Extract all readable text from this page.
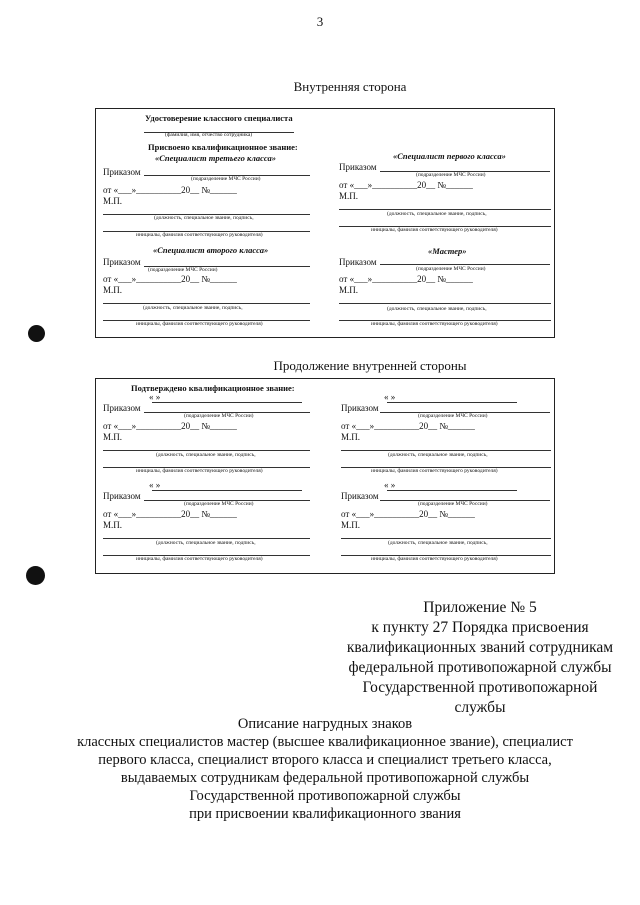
3
Внутренняя сторона
Удостоверение классного специалиста
(фамилия, имя, отчество сотрудника)
Присвоено квалификационное звание:
«Специалист третьего класса»
Приказом
(подразделение МЧС России)
от «___»__________20__ №______
М.П.
(должность, специальное звание, подпись,
инициалы, фамилия соответствующего руководителя)
«Специалист первого класса»
Приказом
(подразделение МЧС России)
от «___»__________20__ №______
М.П.
(должность, специальное звание, подпись,
инициалы, фамилия соответствующего руководителя)
«Специалист второго класса»
Приказом
(подразделение МЧС России)
от «___»__________20__ №______
М.П.
(должность, специальное звание, подпись,
инициалы, фамилия соответствующего руководителя)
«Мастер»
Приказом
(подразделение МЧС России)
от «___»__________20__ №______
М.П.
(должность, специальное звание, подпись,
инициалы, фамилия соответствующего руководителя)
Продолжение внутренней стороны
Подтверждено квалификационное звание:
« »
Приказом
(подразделение МЧС России)
от «___»__________20__ №______
М.П.
(должность, специальное звание, подпись,
инициалы, фамилия соответствующего руководителя)
« »
Приказом
(подразделение МЧС России)
от «___»__________20__ №______
М.П.
(должность, специальное звание, подпись,
инициалы, фамилия соответствующего руководителя)
« »
Приказом
(подразделение МЧС России)
от «___»__________20__ №______
М.П.
(должность, специальное звание, подпись,
инициалы, фамилия соответствующего руководителя)
« »
Приказом
(подразделение МЧС России)
от «___»__________20__ №______
М.П.
(должность, специальное звание, подпись,
инициалы, фамилия соответствующего руководителя)
Приложение № 5
к пункту 27 Порядка присвоения
квалификационных званий сотрудникам
федеральной противопожарной службы
Государственной противопожарной
службы
Описание нагрудных знаков
классных специалистов мастер (высшее квалификационное звание), специалист
первого класса, специалист второго класса и специалист третьего класса,
выдаваемых сотрудникам федеральной противопожарной службы
Государственной противопожарной службы
при присвоении квалификационного звания
